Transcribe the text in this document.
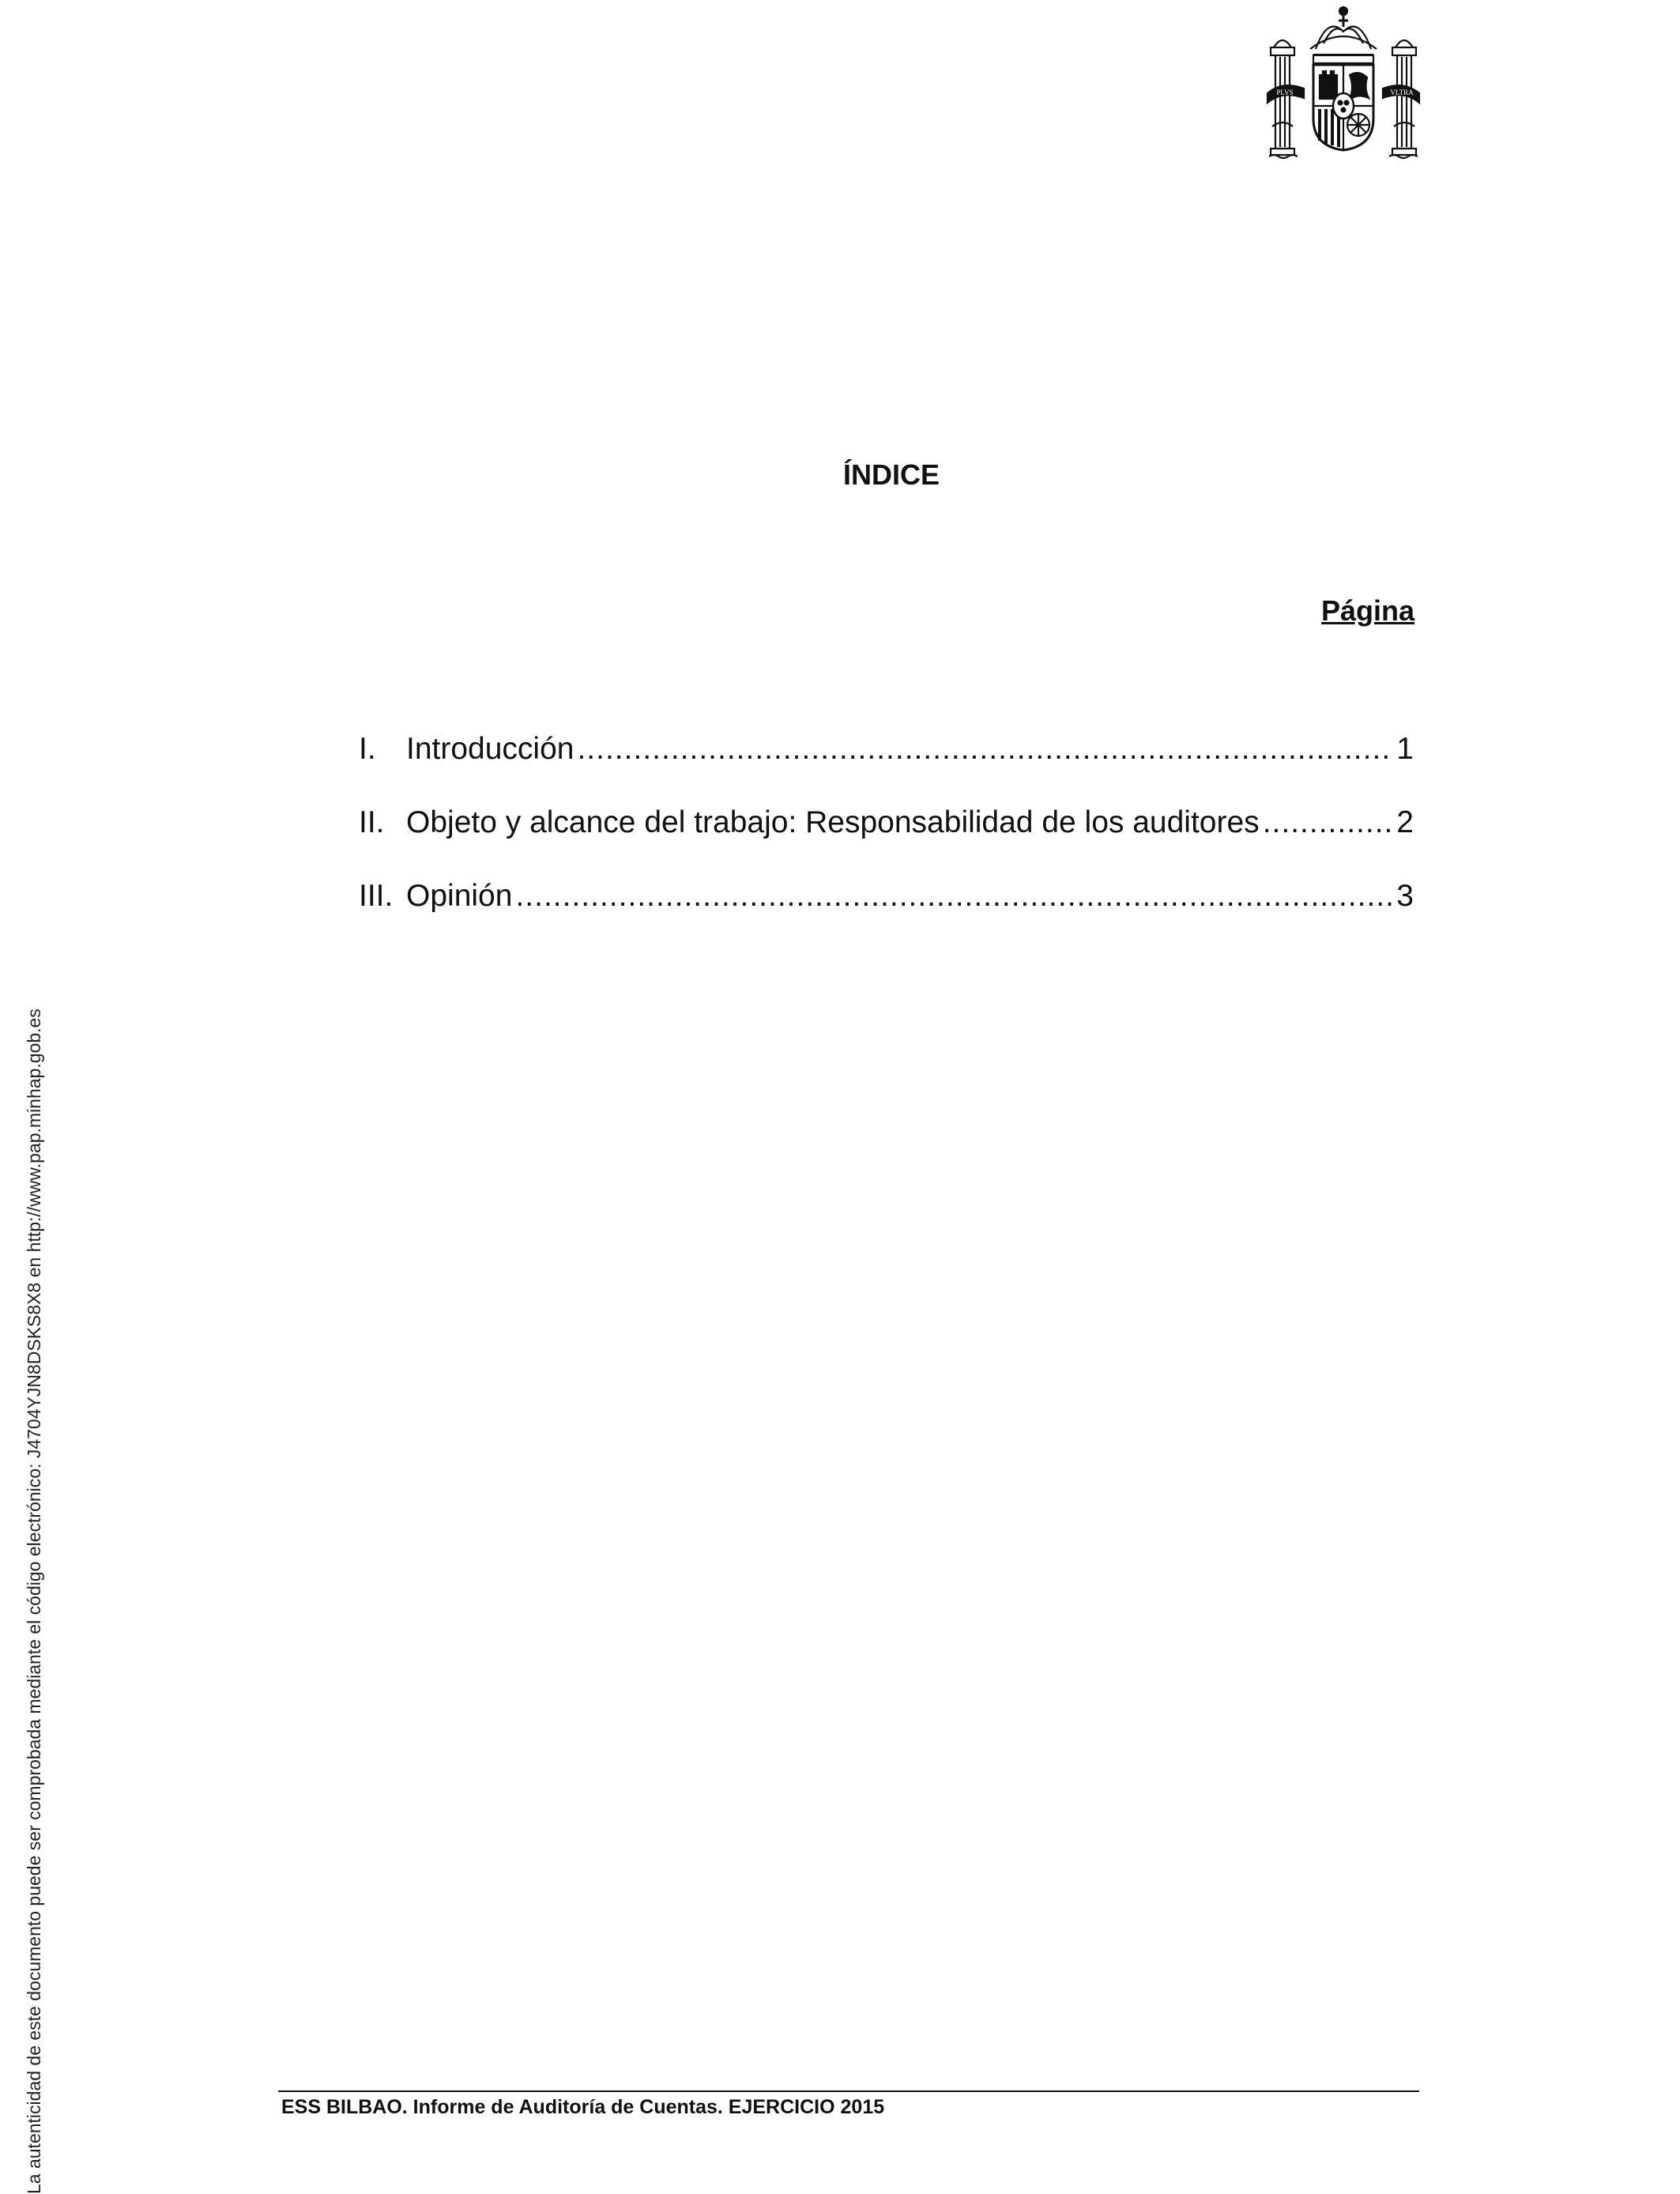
PLVS	VLTRA
La autenticidad de este documento puede ser comprobada mediante el código electrónico: J4704YJN8DSKS8X8 en http://www.pap.minhap.gob.es
ÍNDICE
Página
I. Introducción .....	1
II. Objeto y alcance del trabajo: Responsabilidad de los auditores .....	2
III. Opinión .....	3
ESS BILBAO. Informe de Auditoría de Cuentas. EJERCICIO 2015
